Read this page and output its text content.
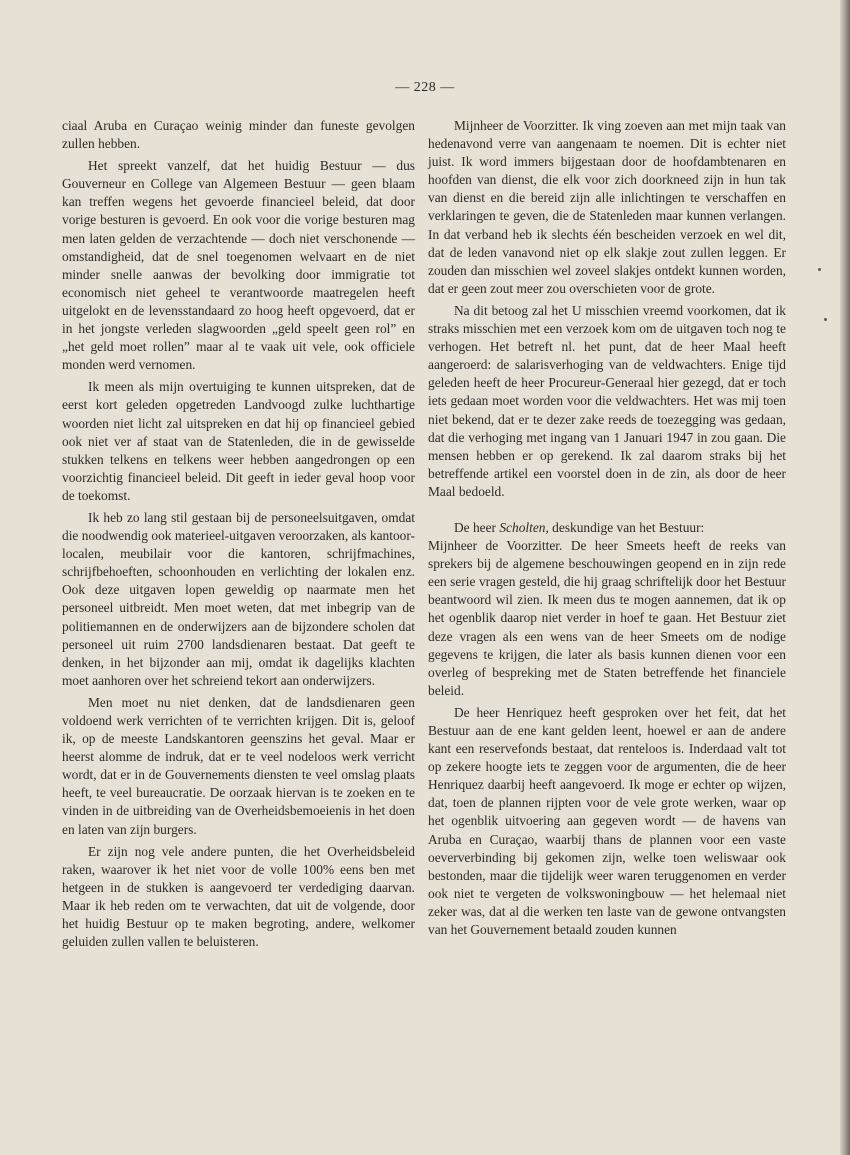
— 228 —

ciaal Aruba en Curaçao weinig minder dan funeste gevolgen zullen hebben.

Het spreekt vanzelf, dat het huidig Bestuur — dus Gouverneur en College van Algemeen Bestuur — geen blaam kan treffen wegens het gevoerde financieel beleid, dat door vorige besturen is gevoerd. En ook voor die vorige besturen mag men laten gelden de verzachtende — doch niet verschonende — omstandigheid, dat de snel toegenomen welvaart en de niet minder snelle aanwas der bevolking door immigratie tot economisch niet geheel te verantwoorde maatregelen heeft uitgelokt en de levensstandaard zo hoog heeft opgevoerd, dat er in het jongste verleden slagwoorden „geld speelt geen rol” en „het geld moet rollen” maar al te vaak uit vele, ook officiele monden werd vernomen.

Ik meen als mijn overtuiging te kunnen uitspreken, dat de eerst kort geleden opgetreden Landvoogd zulke luchthartige woorden niet licht zal uitspreken en dat hij op financieel gebied ook niet ver af staat van de Statenleden, die in de gewisselde stukken telkens en telkens weer hebben aangedrongen op een voorzichtig financieel beleid. Dit geeft in ieder geval hoop voor de toekomst.

Ik heb zo lang stil gestaan bij de personeelsuitgaven, omdat die noodwendig ook materieel-uitgaven veroorzaken, als kantoor-localen, meubilair voor die kantoren, schrijfmachines, schrijfbehoeften, schoonhouden en verlichting der lokalen enz. Ook deze uitgaven lopen geweldig op naarmate men het personeel uitbreidt. Men moet weten, dat met inbegrip van de politiemannen en de onderwijzers aan de bijzondere scholen dat personeel uit ruim 2700 landsdienaren bestaat. Dat geeft te denken, in het bijzonder aan mij, omdat ik dagelijks klachten moet aanhoren over het schreiend tekort aan onderwijzers.

Men moet nu niet denken, dat de landsdienaren geen voldoend werk verrichten of te verrichten krijgen. Dit is, geloof ik, op de meeste Landskantoren geenszins het geval. Maar er heerst alomme de indruk, dat er te veel nodeloos werk verricht wordt, dat er in de Gouvernements diensten te veel omslag plaats heeft, te veel bureaucratie. De oorzaak hiervan is te zoeken en te vinden in de uitbreiding van de Overheidsbemoeienis in het doen en laten van zijn burgers.

Er zijn nog vele andere punten, die het Overheidsbeleid raken, waarover ik het niet voor de volle 100% eens ben met hetgeen in de stukken is aangevoerd ter verdediging daarvan. Maar ik heb reden om te verwachten, dat uit de volgende, door het huidig Bestuur op te maken begroting, andere, welkomer geluiden zullen vallen te beluisteren.

Mijnheer de Voorzitter. Ik ving zoeven aan met mijn taak van hedenavond verre van aangenaam te noemen. Dit is echter niet juist. Ik word immers bijgestaan door de hoofdambtenaren en hoofden van dienst, die elk voor zich doorkneed zijn in hun tak van dienst en die bereid zijn alle inlichtingen te verschaffen en verklaringen te geven, die de Statenleden maar kunnen verlangen. In dat verband heb ik slechts één bescheiden verzoek en wel dit, dat de leden vanavond niet op elk slakje zout zullen leggen. Er zouden dan misschien wel zoveel slakjes ontdekt kunnen worden, dat er geen zout meer zou overschieten voor de grote.

Na dit betoog zal het U misschien vreemd voorkomen, dat ik straks misschien met een verzoek kom om de uitgaven toch nog te verhogen. Het betreft nl. het punt, dat de heer Maal heeft aangeroerd: de salarisverhoging van de veldwachters. Enige tijd geleden heeft de heer Procureur-Generaal hier gezegd, dat er toch iets gedaan moet worden voor die veldwachters. Het was mij toen niet bekend, dat er te dezer zake reeds de toezegging was gedaan, dat die verhoging met ingang van 1 Januari 1947 in zou gaan. Die mensen hebben er op gerekend. Ik zal daarom straks bij het betreffende artikel een voorstel doen in de zin, als door de heer Maal bedoeld.

De heer Scholten, deskundige van het Bestuur:

Mijnheer de Voorzitter. De heer Smeets heeft de reeks van sprekers bij de algemene beschouwingen geopend en in zijn rede een serie vragen gesteld, die hij graag schriftelijk door het Bestuur beantwoord wil zien. Ik meen dus te mogen aannemen, dat ik op het ogenblik daarop niet verder in hoef te gaan. Het Bestuur ziet deze vragen als een wens van de heer Smeets om de nodige gegevens te krijgen, die later als basis kunnen dienen voor een overleg of bespreking met de Staten betreffende het financiele beleid.

De heer Henriquez heeft gesproken over het feit, dat het Bestuur aan de ene kant gelden leent, hoewel er aan de andere kant een reservefonds bestaat, dat renteloos is. Inderdaad valt tot op zekere hoogte iets te zeggen voor de argumenten, die de heer Henriquez daarbij heeft aangevoerd. Ik moge er echter op wijzen, dat, toen de plannen rijpten voor de vele grote werken, waar op het ogenblik uitvoering aan gegeven wordt — de havens van Aruba en Curaçao, waarbij thans de plannen voor een vaste oeververbinding bij gekomen zijn, welke toen weliswaar ook bestonden, maar die tijdelijk weer waren teruggenomen en verder ook niet te vergeten de volkswoningbouw — het helemaal niet zeker was, dat al die werken ten laste van de gewone ontvangsten van het Gouvernement betaald zouden kunnen
